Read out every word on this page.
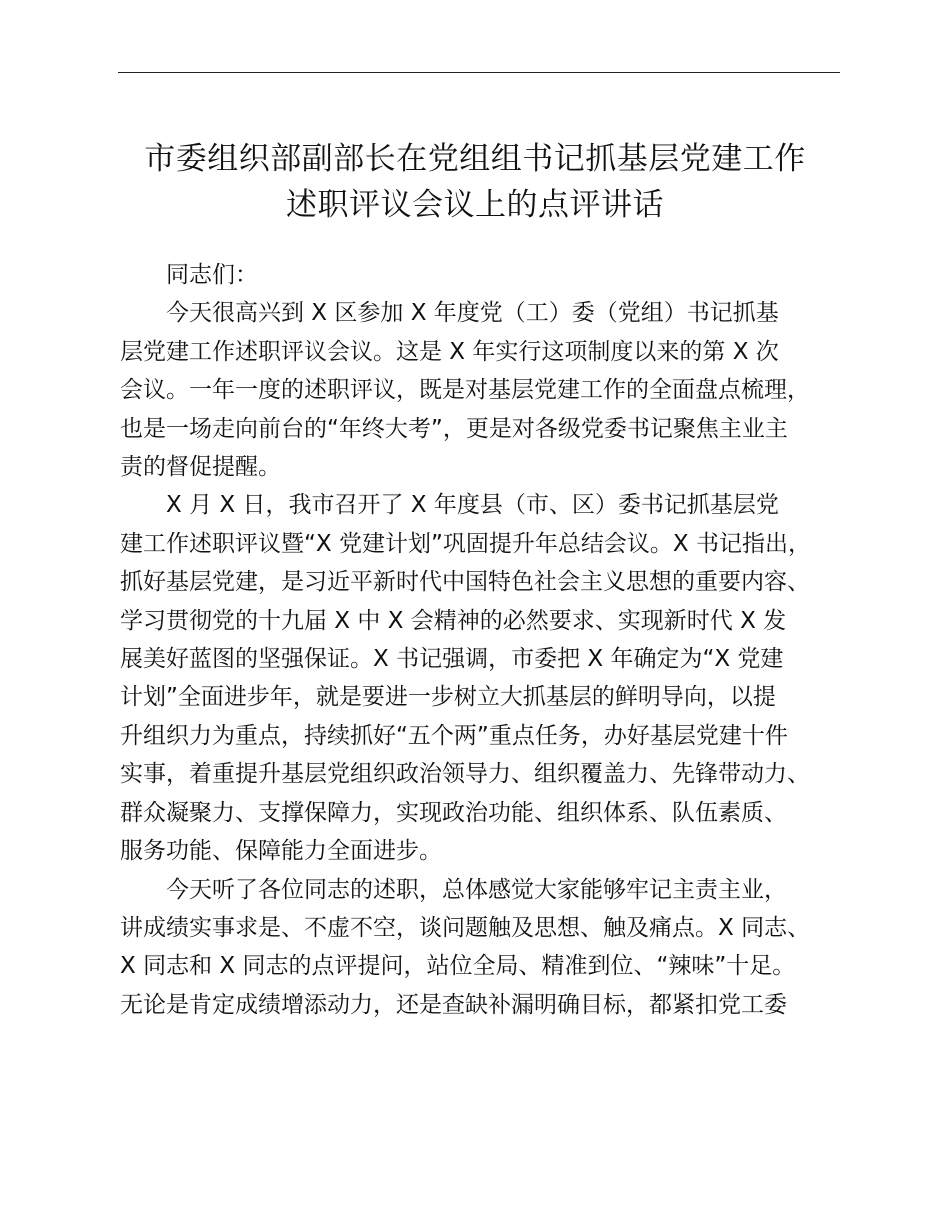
市委组织部副部长在党组组书记抓基层党建工作
述职评议会议上的点评讲话

同志们：

今天很高兴到 X 区参加 X 年度党（工）委（党组）书记抓基
层党建工作述职评议会议。这是 X 年实行这项制度以来的第 X 次
会议。一年一度的述职评议，既是对基层党建工作的全面盘点梳理，
也是一场走向前台的“年终大考”，更是对各级党委书记聚焦主业主
责的督促提醒。

X 月 X 日，我市召开了 X 年度县（市、区）委书记抓基层党
建工作述职评议暨“X 党建计划”巩固提升年总结会议。X 书记指出，
抓好基层党建，是习近平新时代中国特色社会主义思想的重要内容、
学习贯彻党的十九届 X 中 X 会精神的必然要求、实现新时代 X 发
展美好蓝图的坚强保证。X 书记强调，市委把 X 年确定为“X 党建
计划”全面进步年，就是要进一步树立大抓基层的鲜明导向，以提
升组织力为重点，持续抓好“五个两”重点任务，办好基层党建十件
实事，着重提升基层党组织政治领导力、组织覆盖力、先锋带动力、
群众凝聚力、支撑保障力，实现政治功能、组织体系、队伍素质、
服务功能、保障能力全面进步。

今天听了各位同志的述职，总体感觉大家能够牢记主责主业，
讲成绩实事求是、不虚不空，谈问题触及思想、触及痛点。X 同志、
X 同志和 X 同志的点评提问，站位全局、精准到位、“辣味”十足。
无论是肯定成绩增添动力，还是查缺补漏明确目标，都紧扣党工委
